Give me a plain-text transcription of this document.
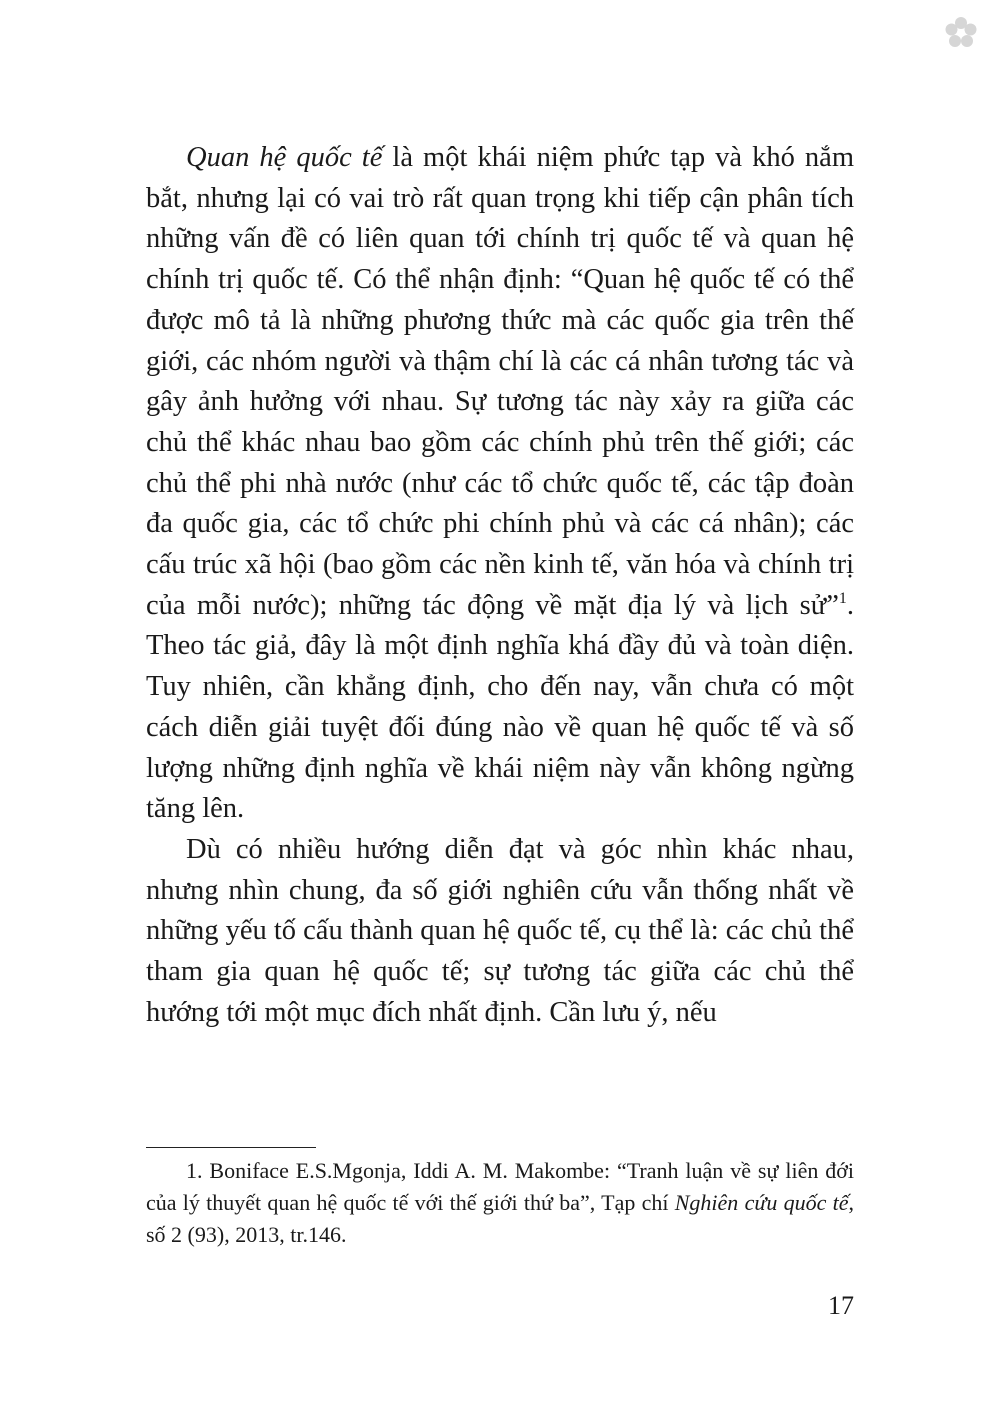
Quan hệ quốc tế là một khái niệm phức tạp và khó nắm bắt, nhưng lại có vai trò rất quan trọng khi tiếp cận phân tích những vấn đề có liên quan tới chính trị quốc tế và quan hệ chính trị quốc tế. Có thể nhận định: “Quan hệ quốc tế có thể được mô tả là những phương thức mà các quốc gia trên thế giới, các nhóm người và thậm chí là các cá nhân tương tác và gây ảnh hưởng với nhau. Sự tương tác này xảy ra giữa các chủ thể khác nhau bao gồm các chính phủ trên thế giới; các chủ thể phi nhà nước (như các tổ chức quốc tế, các tập đoàn đa quốc gia, các tổ chức phi chính phủ và các cá nhân); các cấu trúc xã hội (bao gồm các nền kinh tế, văn hóa và chính trị của mỗi nước); những tác động về mặt địa lý và lịch sử”$^1$. Theo tác giả, đây là một định nghĩa khá đầy đủ và toàn diện. Tuy nhiên, cần khẳng định, cho đến nay, vẫn chưa có một cách diễn giải tuyệt đối đúng nào về quan hệ quốc tế và số lượng những định nghĩa về khái niệm này vẫn không ngừng tăng lên.

Dù có nhiều hướng diễn đạt và góc nhìn khác nhau, nhưng nhìn chung, đa số giới nghiên cứu vẫn thống nhất về những yếu tố cấu thành quan hệ quốc tế, cụ thể là: các chủ thể tham gia quan hệ quốc tế; sự tương tác giữa các chủ thể hướng tới một mục đích nhất định. Cần lưu ý, nếu

1. Boniface E.S.Mgonja, Iddi A. M. Makombe: “Tranh luận về sự liên đới của lý thuyết quan hệ quốc tế với thế giới thứ ba”, Tạp chí Nghiên cứu quốc tế, số 2 (93), 2013, tr.146.

17
